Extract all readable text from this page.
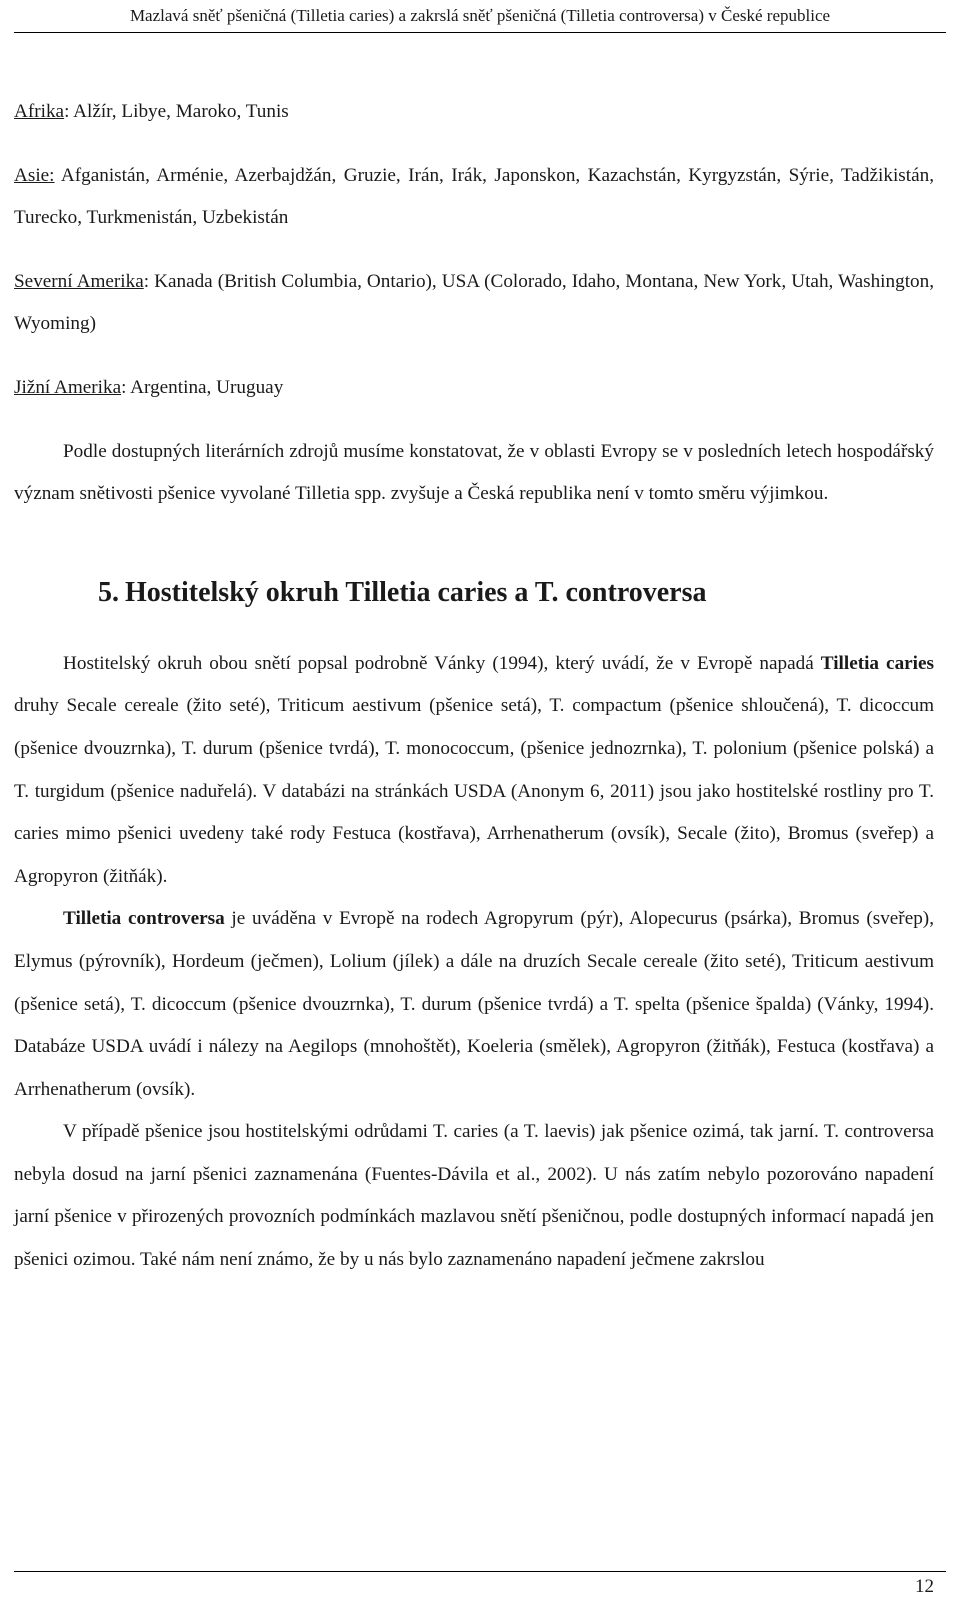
Mazlavá sněť pšeničná (Tilletia caries) a zakrslá sněť pšeničná (Tilletia controversa) v České republice

Afrika: Alžír, Libye, Maroko, Tunis

Asie: Afganistán, Arménie, Azerbajdžán, Gruzie, Irán, Irák, Japonskon, Kazachstán, Kyrgyzstán, Sýrie, Tadžikistán, Turecko, Turkmenistán, Uzbekistán

Severní Amerika: Kanada (British Columbia, Ontario), USA (Colorado, Idaho, Montana, New York, Utah, Washington, Wyoming)

Jižní Amerika: Argentina, Uruguay

Podle dostupných literárních zdrojů musíme konstatovat, že v oblasti Evropy se v posledních letech hospodářský význam snětivosti pšenice vyvolané Tilletia spp. zvyšuje a Česká republika není v tomto směru výjimkou.

5. Hostitelský okruh Tilletia caries a T. controversa

Hostitelský okruh obou snětí popsal podrobně Vánky (1994), který uvádí, že v Evropě napadá Tilletia caries druhy Secale cereale (žito seté), Triticum aestivum (pšenice setá), T. compactum (pšenice shloučená), T. dicoccum (pšenice dvouzrnka), T. durum (pšenice tvrdá), T. monococcum, (pšenice jednozrnka), T. polonium (pšenice polská) a T. turgidum (pšenice naduřelá). V databázi na stránkách USDA (Anonym 6, 2011) jsou jako hostitelské rostliny pro T. caries mimo pšenici uvedeny také rody Festuca (kostřava), Arrhenatherum (ovsík), Secale (žito), Bromus (sveřep) a Agropyron (žitňák).

Tilletia controversa je uváděna v Evropě na rodech Agropyrum (pýr), Alopecurus (psárka), Bromus (sveřep), Elymus (pýrovník), Hordeum (ječmen), Lolium (jílek) a dále na druzích Secale cereale (žito seté), Triticum aestivum (pšenice setá), T. dicoccum (pšenice dvouzrnka), T. durum (pšenice tvrdá) a T. spelta (pšenice špalda) (Vánky, 1994). Databáze USDA uvádí i nálezy na Aegilops (mnohoštět), Koeleria (smělek), Agropyron (žitňák), Festuca (kostřava) a Arrhenatherum (ovsík).

V případě pšenice jsou hostitelskými odrůdami T. caries (a T. laevis) jak pšenice ozimá, tak jarní. T. controversa nebyla dosud na jarní pšenici zaznamenána (Fuentes-Dávila et al., 2002). U nás zatím nebylo pozorováno napadení jarní pšenice v přirozených provozních podmínkách mazlavou snětí pšeničnou, podle dostupných informací napadá jen pšenici ozimou. Také nám není známo, že by u nás bylo zaznamenáno napadení ječmene zakrslou

12
